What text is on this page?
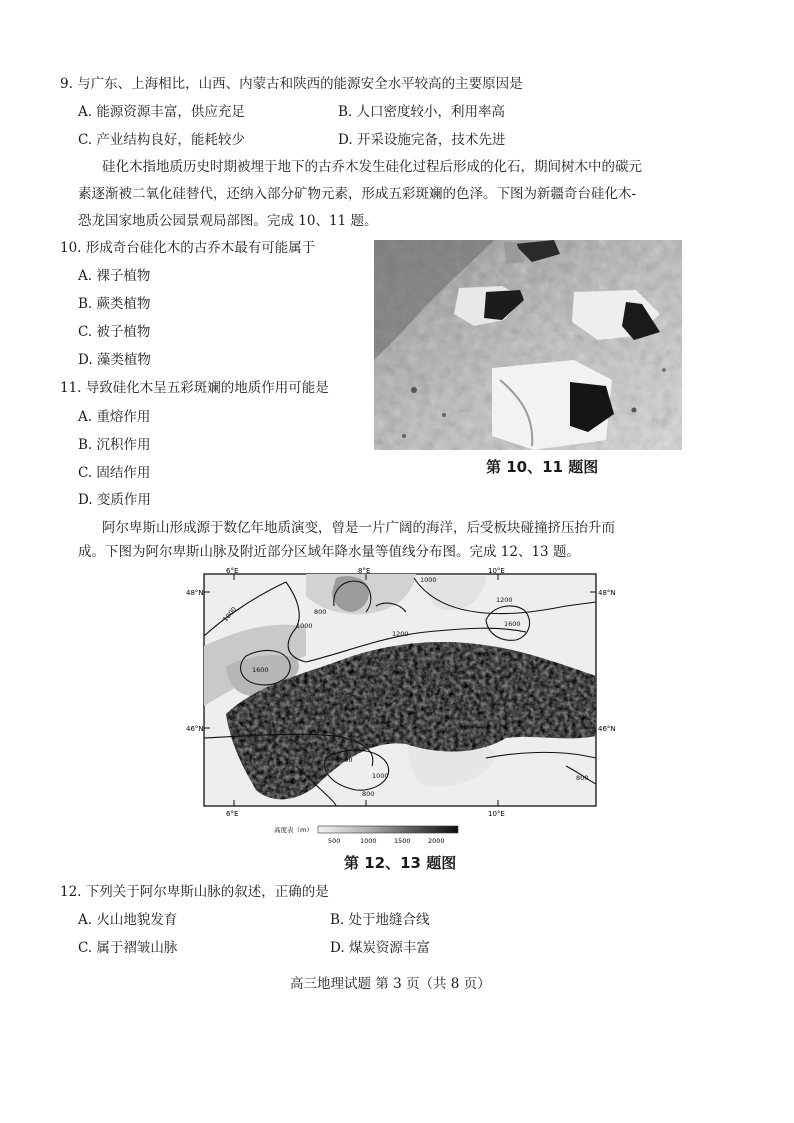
9. 与广东、上海相比，山西、内蒙古和陕西的能源安全水平较高的主要原因是
A. 能源资源丰富，供应充足	B. 人口密度较小，利用率高
C. 产业结构良好，能耗较少	D. 开采设施完备，技术先进
硅化木指地质历史时期被埋于地下的古乔木发生硅化过程后形成的化石，期间树木中的碳元
素逐渐被二氧化硅替代，还纳入部分矿物元素，形成五彩斑斓的色泽。下图为新疆奇台硅化木-
恐龙国家地质公园景观局部图。完成 10、11 题。
10. 形成奇台硅化木的古乔木最有可能属于
A. 裸子植物
B. 蕨类植物
C. 被子植物
D. 藻类植物
11. 导致硅化木呈五彩斑斓的地质作用可能是
A. 重熔作用
B. 沉积作用
C. 固结作用
D. 变质作用
第 10、11 题图
阿尔卑斯山形成源于数亿年地质演变，曾是一片广阔的海洋，后受板块碰撞挤压抬升而
成。下图为阿尔卑斯山脉及附近部分区域年降水量等值线分布图。完成 12、13 题。
6°E	8°E	10°E
6°E	10°E
48°N	48°N
46°N	46°N
1000	800
1000
1200
1600
1200
1000
1600
800
1600
1000
800
800
高度表（m）
500	1000	1500	2000
第 12、13 题图
12. 下列关于阿尔卑斯山脉的叙述，正确的是
A. 火山地貌发育	B. 处于地缝合线
C. 属于褶皱山脉	D. 煤炭资源丰富
高三地理试题 第 3 页（共 8 页）
